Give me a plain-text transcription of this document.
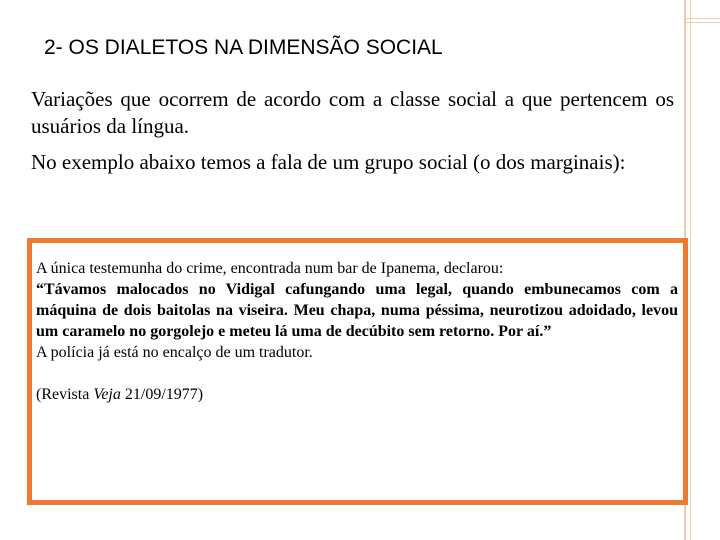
2- OS DIALETOS NA DIMENSÃO SOCIAL
Variações que ocorrem de acordo com a classe social a que pertencem os usuários da língua.
No exemplo abaixo temos a fala de um grupo social (o dos marginais):
A única testemunha do crime, encontrada num bar de Ipanema, declarou:
“Távamos malocados no Vidigal cafungando uma legal, quando embunecamos com a máquina de dois baitolas na viseira. Meu chapa, numa péssima, neurotizou adoidado, levou um caramelo no gorgolejo e meteu lá uma de decúbito sem retorno. Por aí.”
A polícia já está no encalço de um tradutor.
(Revista Veja 21/09/1977)
